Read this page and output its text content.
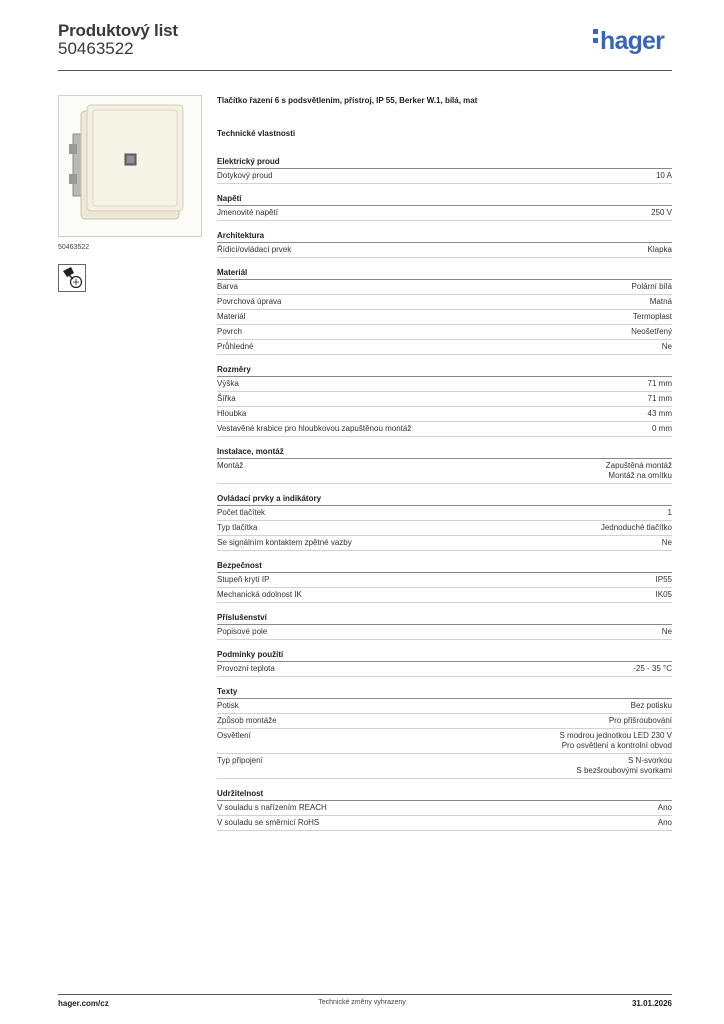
Produktový list
50463522	hager
50463522
Tlačítko řazení 6 s podsvětlením, přístroj, IP 55, Berker W.1, bílá, mat
Technické vlastnosti
Elektrický proud
Dotykový proud	10 A
Napětí
Jmenovité napětí	250 V
Architektura
Řídicí/ovládací prvek	Klapka
Materiál
Barva	Polární bílá
Povrchová úprava	Matná
Materiál	Termoplast
Povrch	Neošetřený
Průhledné	Ne
Rozměry
Výška	71 mm
Šířka	71 mm
Hloubka	43 mm
Vestavěné krabice pro hloubkovou zapuštěnou montáž	0 mm
Instalace, montáž
Montáž	Zapuštěná montáž
Montáž na omítku
Ovládací prvky a indikátory
Počet tlačítek	1
Typ tlačítka	Jednoduché tlačítko
Se signálním kontaktem zpětné vazby	Ne
Bezpečnost
Stupeň krytí IP	IP55
Mechanická odolnost IK	IK05
Příslušenství
Popisové pole	Ne
Podmínky použití
Provozní teplota	-25 - 35 °C
Texty
Potisk	Bez potisku
Způsob montáže	Pro přišroubování
Osvětlení	S modrou jednotkou LED 230 V
Pro osvětlení a kontrolní obvod
Typ připojení	S N-svorkou
S bezšroubovými svorkami
Udržitelnost
V souladu s nařízením REACH	Ano
V souladu se směrnicí RoHS	Ano
hager.com/cz	Technické změny vyhrazeny	31.01.2026
